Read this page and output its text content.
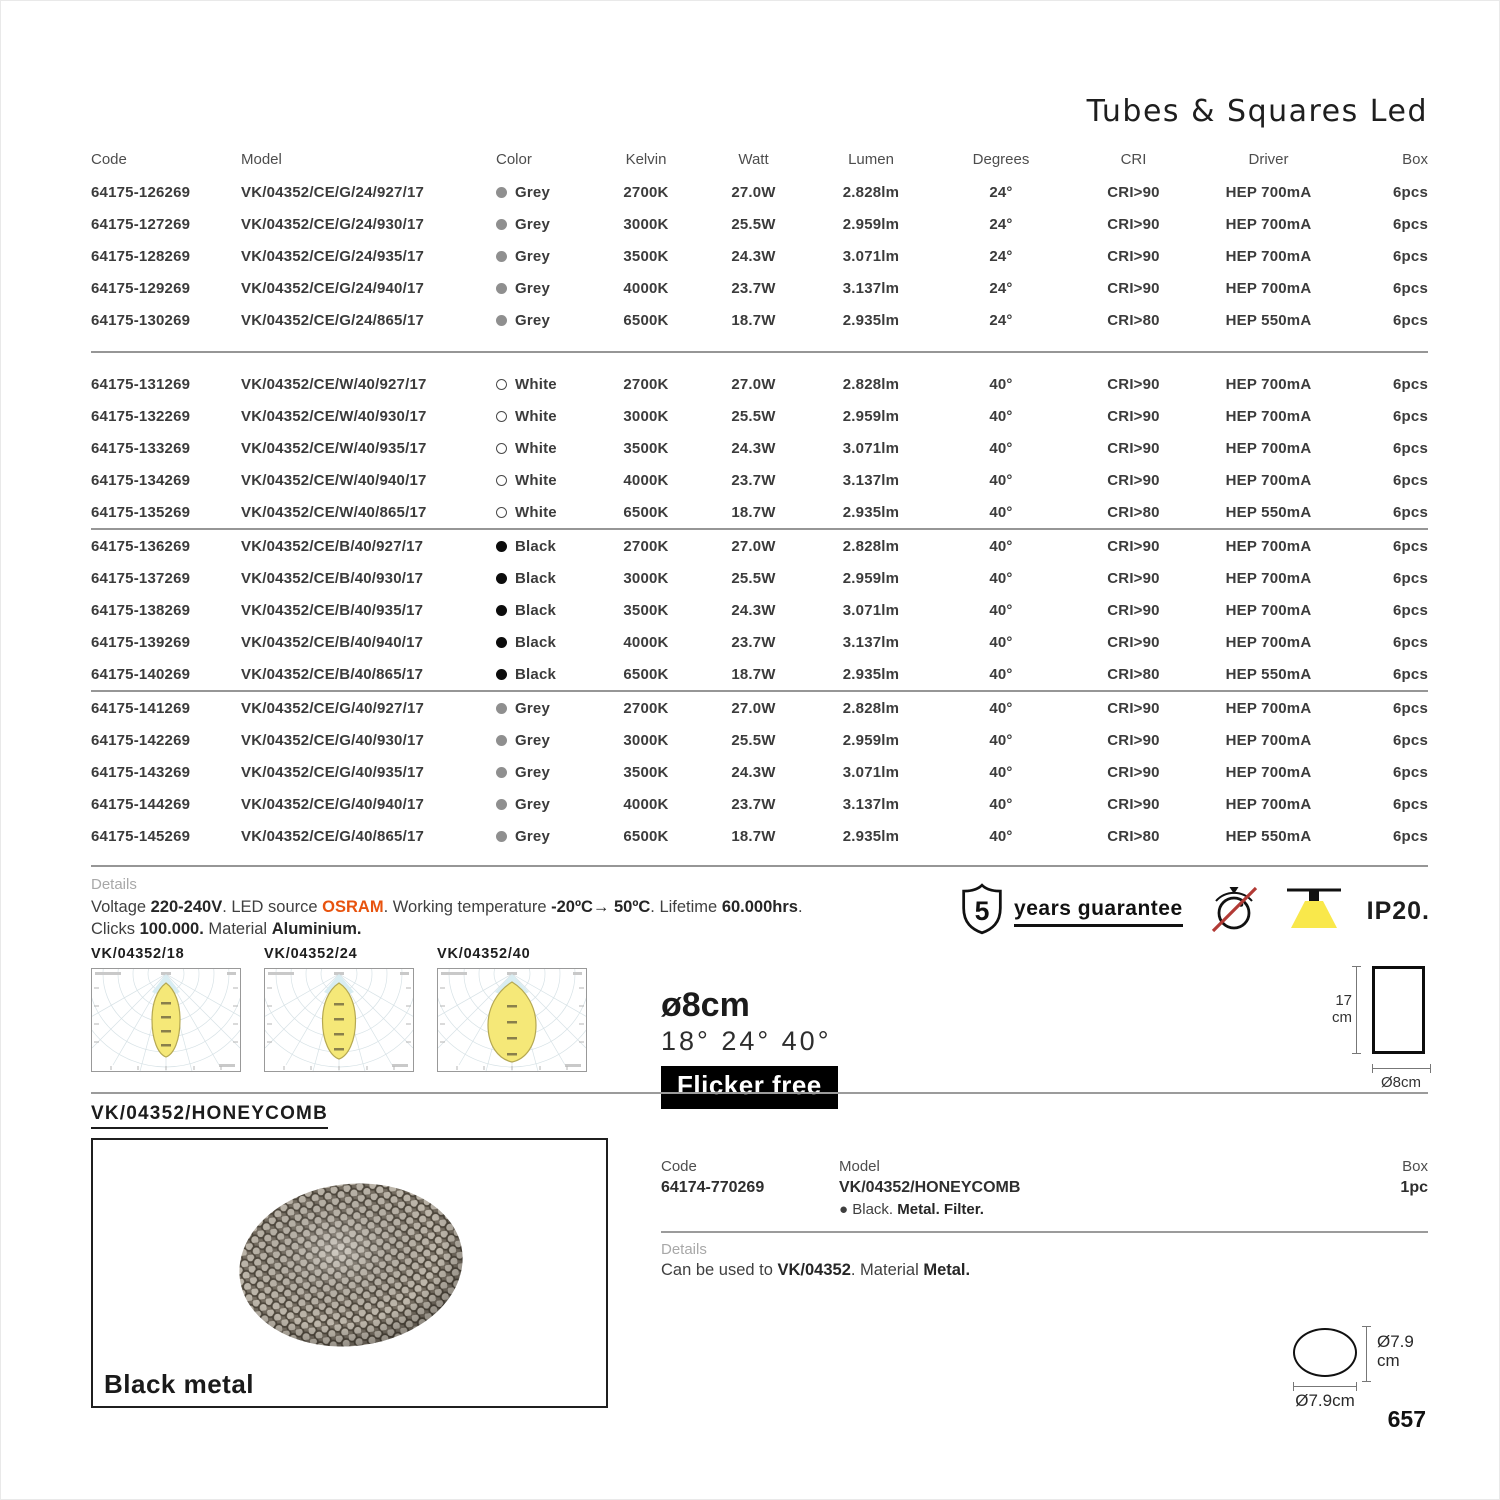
Tubes & Squares Led
Code	Model	Color	Kelvin	Watt	Lumen	Degrees	CRI	Driver	Box
64175-126269	VK/04352/CE/G/24/927/17	Grey	2700K	27.0W	2.828lm	24°	CRI>90	HEP 700mA	6pcs
64175-127269	VK/04352/CE/G/24/930/17	Grey	3000K	25.5W	2.959lm	24°	CRI>90	HEP 700mA	6pcs
64175-128269	VK/04352/CE/G/24/935/17	Grey	3500K	24.3W	3.071lm	24°	CRI>90	HEP 700mA	6pcs
64175-129269	VK/04352/CE/G/24/940/17	Grey	4000K	23.7W	3.137lm	24°	CRI>90	HEP 700mA	6pcs
64175-130269	VK/04352/CE/G/24/865/17	Grey	6500K	18.7W	2.935lm	24°	CRI>80	HEP 550mA	6pcs
64175-131269	VK/04352/CE/W/40/927/17	White	2700K	27.0W	2.828lm	40°	CRI>90	HEP 700mA	6pcs
64175-132269	VK/04352/CE/W/40/930/17	White	3000K	25.5W	2.959lm	40°	CRI>90	HEP 700mA	6pcs
64175-133269	VK/04352/CE/W/40/935/17	White	3500K	24.3W	3.071lm	40°	CRI>90	HEP 700mA	6pcs
64175-134269	VK/04352/CE/W/40/940/17	White	4000K	23.7W	3.137lm	40°	CRI>90	HEP 700mA	6pcs
64175-135269	VK/04352/CE/W/40/865/17	White	6500K	18.7W	2.935lm	40°	CRI>80	HEP 550mA	6pcs
64175-136269	VK/04352/CE/B/40/927/17	Black	2700K	27.0W	2.828lm	40°	CRI>90	HEP 700mA	6pcs
64175-137269	VK/04352/CE/B/40/930/17	Black	3000K	25.5W	2.959lm	40°	CRI>90	HEP 700mA	6pcs
64175-138269	VK/04352/CE/B/40/935/17	Black	3500K	24.3W	3.071lm	40°	CRI>90	HEP 700mA	6pcs
64175-139269	VK/04352/CE/B/40/940/17	Black	4000K	23.7W	3.137lm	40°	CRI>90	HEP 700mA	6pcs
64175-140269	VK/04352/CE/B/40/865/17	Black	6500K	18.7W	2.935lm	40°	CRI>80	HEP 550mA	6pcs
64175-141269	VK/04352/CE/G/40/927/17	Grey	2700K	27.0W	2.828lm	40°	CRI>90	HEP 700mA	6pcs
64175-142269	VK/04352/CE/G/40/930/17	Grey	3000K	25.5W	2.959lm	40°	CRI>90	HEP 700mA	6pcs
64175-143269	VK/04352/CE/G/40/935/17	Grey	3500K	24.3W	3.071lm	40°	CRI>90	HEP 700mA	6pcs
64175-144269	VK/04352/CE/G/40/940/17	Grey	4000K	23.7W	3.137lm	40°	CRI>90	HEP 700mA	6pcs
64175-145269	VK/04352/CE/G/40/865/17	Grey	6500K	18.7W	2.935lm	40°	CRI>80	HEP 550mA	6pcs
Details
Voltage 220-240V. LED source OSRAM. Working temperature -20ºC→ 50ºC. Lifetime 60.000hrs.
Clicks 100.000. Material Aluminium.
5 years guarantee	IP20.
VK/04352/18	VK/04352/24	VK/04352/40
ø8cm
18° 24° 40°
Flicker free
17
cm
Ø8cm
VK/04352/HONEYCOMB
Black metal
Code	Model	Box
64174-770269	VK/04352/HONEYCOMB	1pc
● Black. Metal. Filter.
Details
Can be used to VK/04352. Material Metal.
Ø7.9
cm
Ø7.9cm
657
